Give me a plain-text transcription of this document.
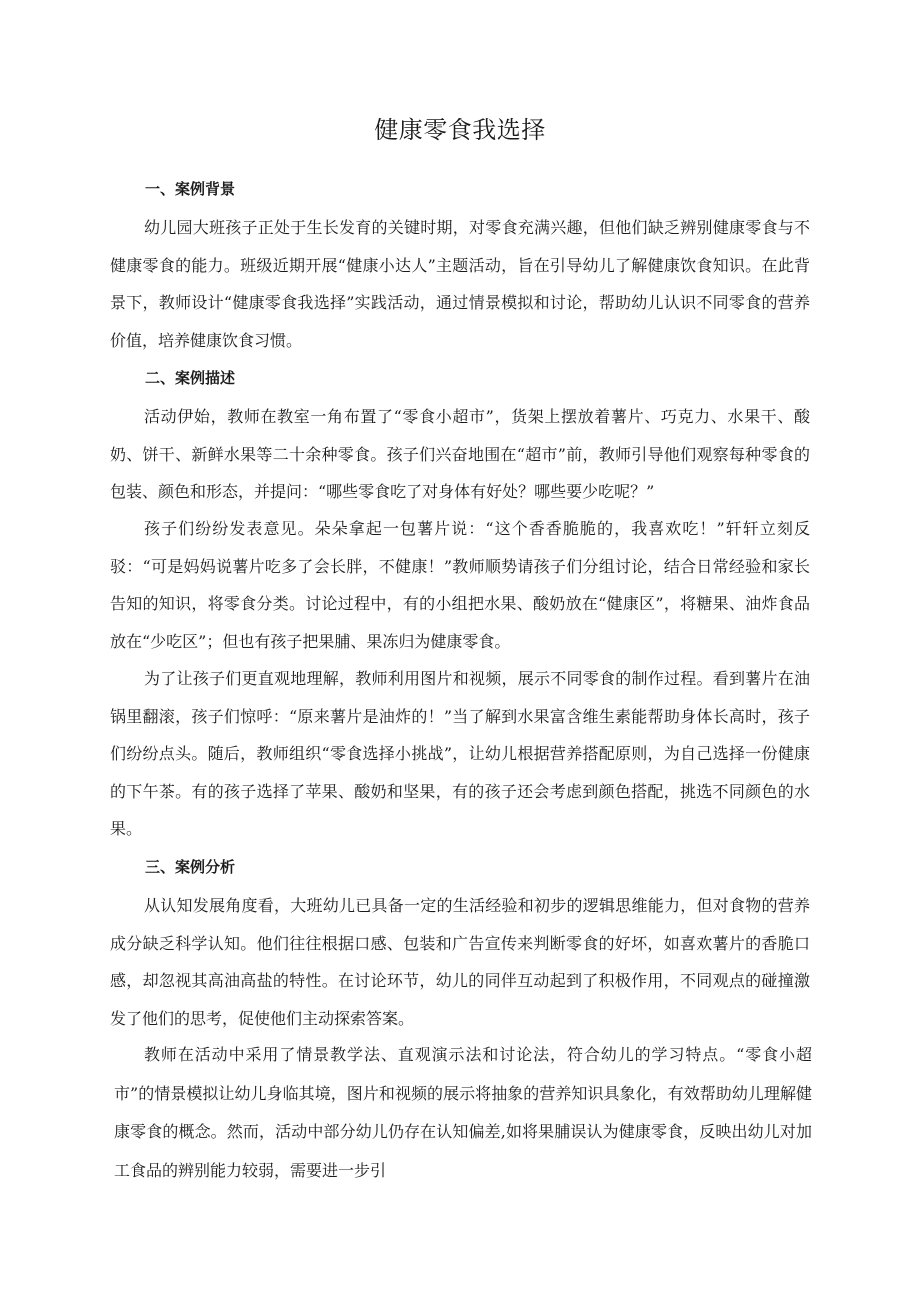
健康零食我选择
一、案例背景

幼儿园大班孩子正处于生长发育的关键时期，对零食充满兴趣，但他们缺乏辨别健康零食与不健康零食的能力。班级近期开展“健康小达人”主题活动，旨在引导幼儿了解健康饮食知识。在此背景下，教师设计“健康零食我选择”实践活动，通过情景模拟和讨论，帮助幼儿认识不同零食的营养价值，培养健康饮食习惯。

二、案例描述

活动伊始，教师在教室一角布置了“零食小超市”，货架上摆放着薯片、巧克力、水果干、酸奶、饼干、新鲜水果等二十余种零食。孩子们兴奋地围在“超市”前，教师引导他们观察每种零食的包装、颜色和形态，并提问：“哪些零食吃了对身体有好处？哪些要少吃呢？”

孩子们纷纷发表意见。朵朵拿起一包薯片说：“这个香香脆脆的，我喜欢吃！”轩轩立刻反驳：“可是妈妈说薯片吃多了会长胖，不健康！”教师顺势请孩子们分组讨论，结合日常经验和家长告知的知识，将零食分类。讨论过程中，有的小组把水果、酸奶放在“健康区”，将糖果、油炸食品放在“少吃区”；但也有孩子把果脯、果冻归为健康零食。

为了让孩子们更直观地理解，教师利用图片和视频，展示不同零食的制作过程。看到薯片在油锅里翻滚，孩子们惊呼：“原来薯片是油炸的！”当了解到水果富含维生素能帮助身体长高时，孩子们纷纷点头。随后，教师组织“零食选择小挑战”，让幼儿根据营养搭配原则，为自己选择一份健康的下午茶。有的孩子选择了苹果、酸奶和坚果，有的孩子还会考虑到颜色搭配，挑选不同颜色的水果。

三、案例分析

从认知发展角度看，大班幼儿已具备一定的生活经验和初步的逻辑思维能力，但对食物的营养成分缺乏科学认知。他们往往根据口感、包装和广告宣传来判断零食的好坏，如喜欢薯片的香脆口感，却忽视其高油高盐的特性。在讨论环节，幼儿的同伴互动起到了积极作用，不同观点的碰撞激发了他们的思考，促使他们主动探索答案。

教师在活动中采用了情景教学法、直观演示法和讨论法，符合幼儿的学习特点。“零食小超市”的情景模拟让幼儿身临其境，图片和视频的展示将抽象的营养知识具象化，有效帮助幼儿理解健康零食的概念。然而，活动中部分幼儿仍存在认知偏差,如将果脯误认为健康零食，反映出幼儿对加工食品的辨别能力较弱，需要进一步引
